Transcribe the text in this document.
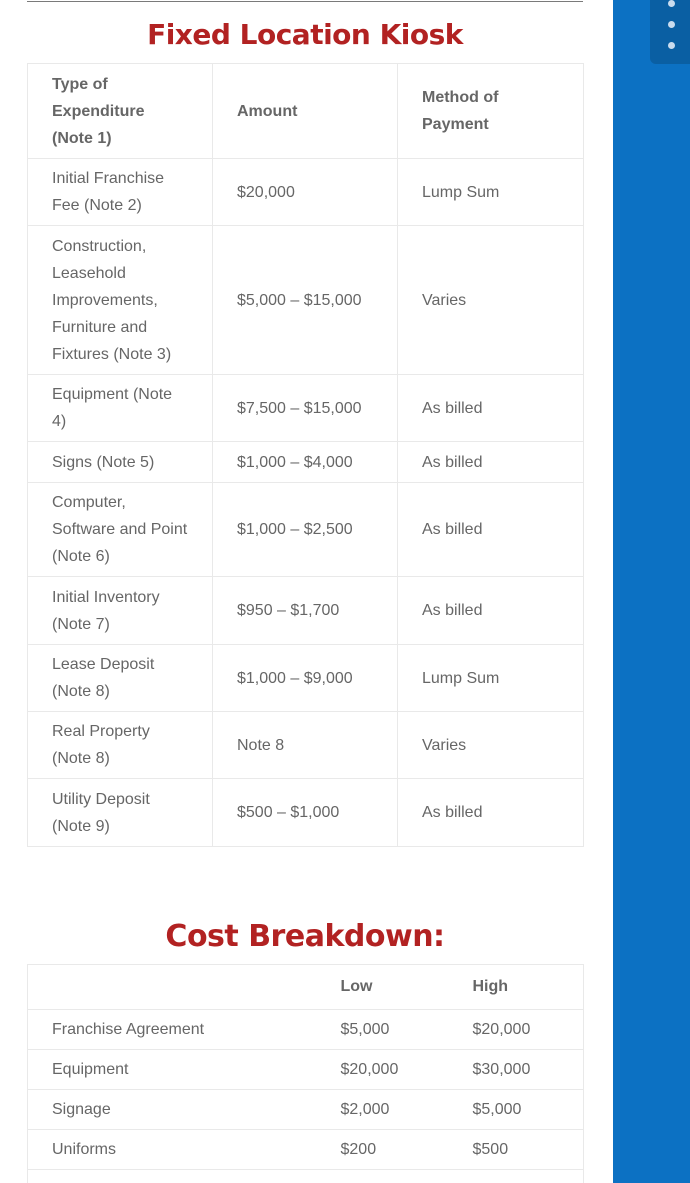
Fixed Location Kiosk
Type of Expenditure (Note 1)	Amount	Method of Payment
Initial Franchise Fee (Note 2)	$20,000	Lump Sum
Construction, Leasehold Improvements, Furniture and Fixtures (Note 3)	$5,000 – $15,000	Varies
Equipment (Note 4)	$7,500 – $15,000	As billed
Signs (Note 5)	$1,000 – $4,000	As billed
Computer, Software and Point (Note 6)	$1,000 – $2,500	As billed
Initial Inventory (Note 7)	$950 – $1,700	As billed
Lease Deposit (Note 8)	$1,000 – $9,000	Lump Sum
Real Property (Note 8)	Note 8	Varies
Utility Deposit (Note 9)	$500 – $1,000	As billed
Cost Breakdown:
	Low	High
Franchise Agreement	$5,000	$20,000
Equipment	$20,000	$30,000
Signage	$2,000	$5,000
Uniforms	$200	$500
